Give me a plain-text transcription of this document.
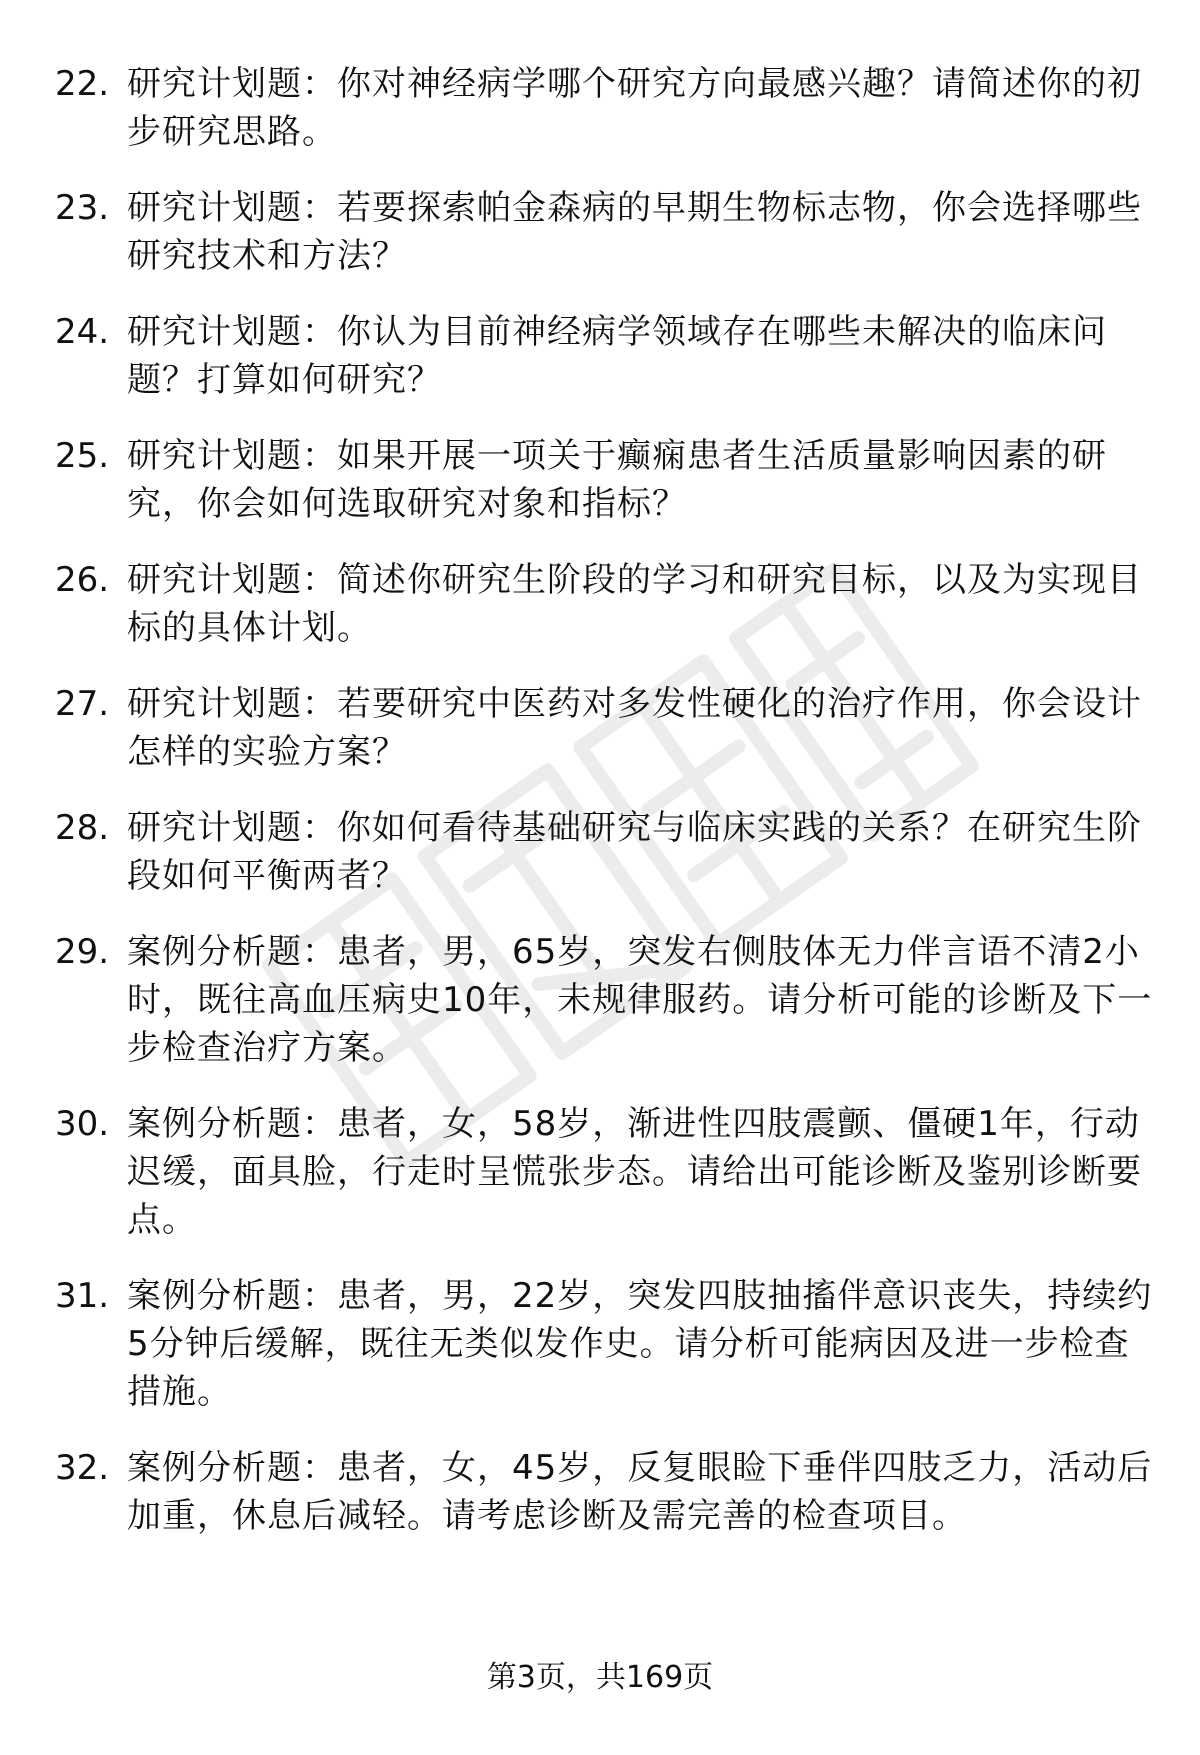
22. 研究计划题：你对神经病学哪个研究方向最感兴趣？请简述你的初步研究思路。
23. 研究计划题：若要探索帕金森病的早期生物标志物，你会选择哪些研究技术和方法？
24. 研究计划题：你认为目前神经病学领域存在哪些未解决的临床问题？打算如何研究？
25. 研究计划题：如果开展一项关于癫痫患者生活质量影响因素的研究，你会如何选取研究对象和指标？
26. 研究计划题：简述你研究生阶段的学习和研究目标，以及为实现目标的具体计划。
27. 研究计划题：若要研究中医药对多发性硬化的治疗作用，你会设计怎样的实验方案？
28. 研究计划题：你如何看待基础研究与临床实践的关系？在研究生阶段如何平衡两者？
29. 案例分析题：患者，男，65岁，突发右侧肢体无力伴言语不清2小时，既往高血压病史10年，未规律服药。请分析可能的诊断及下一步检查治疗方案。
30. 案例分析题：患者，女，58岁，渐进性四肢震颤、僵硬1年，行动迟缓，面具脸，行走时呈慌张步态。请给出可能诊断及鉴别诊断要点。
31. 案例分析题：患者，男，22岁，突发四肢抽搐伴意识丧失，持续约5分钟后缓解，既往无类似发作史。请分析可能病因及进一步检查措施。
32. 案例分析题：患者，女，45岁，反复眼睑下垂伴四肢乏力，活动后加重，休息后减轻。请考虑诊断及需完善的检查项目。
第3页，共169页
